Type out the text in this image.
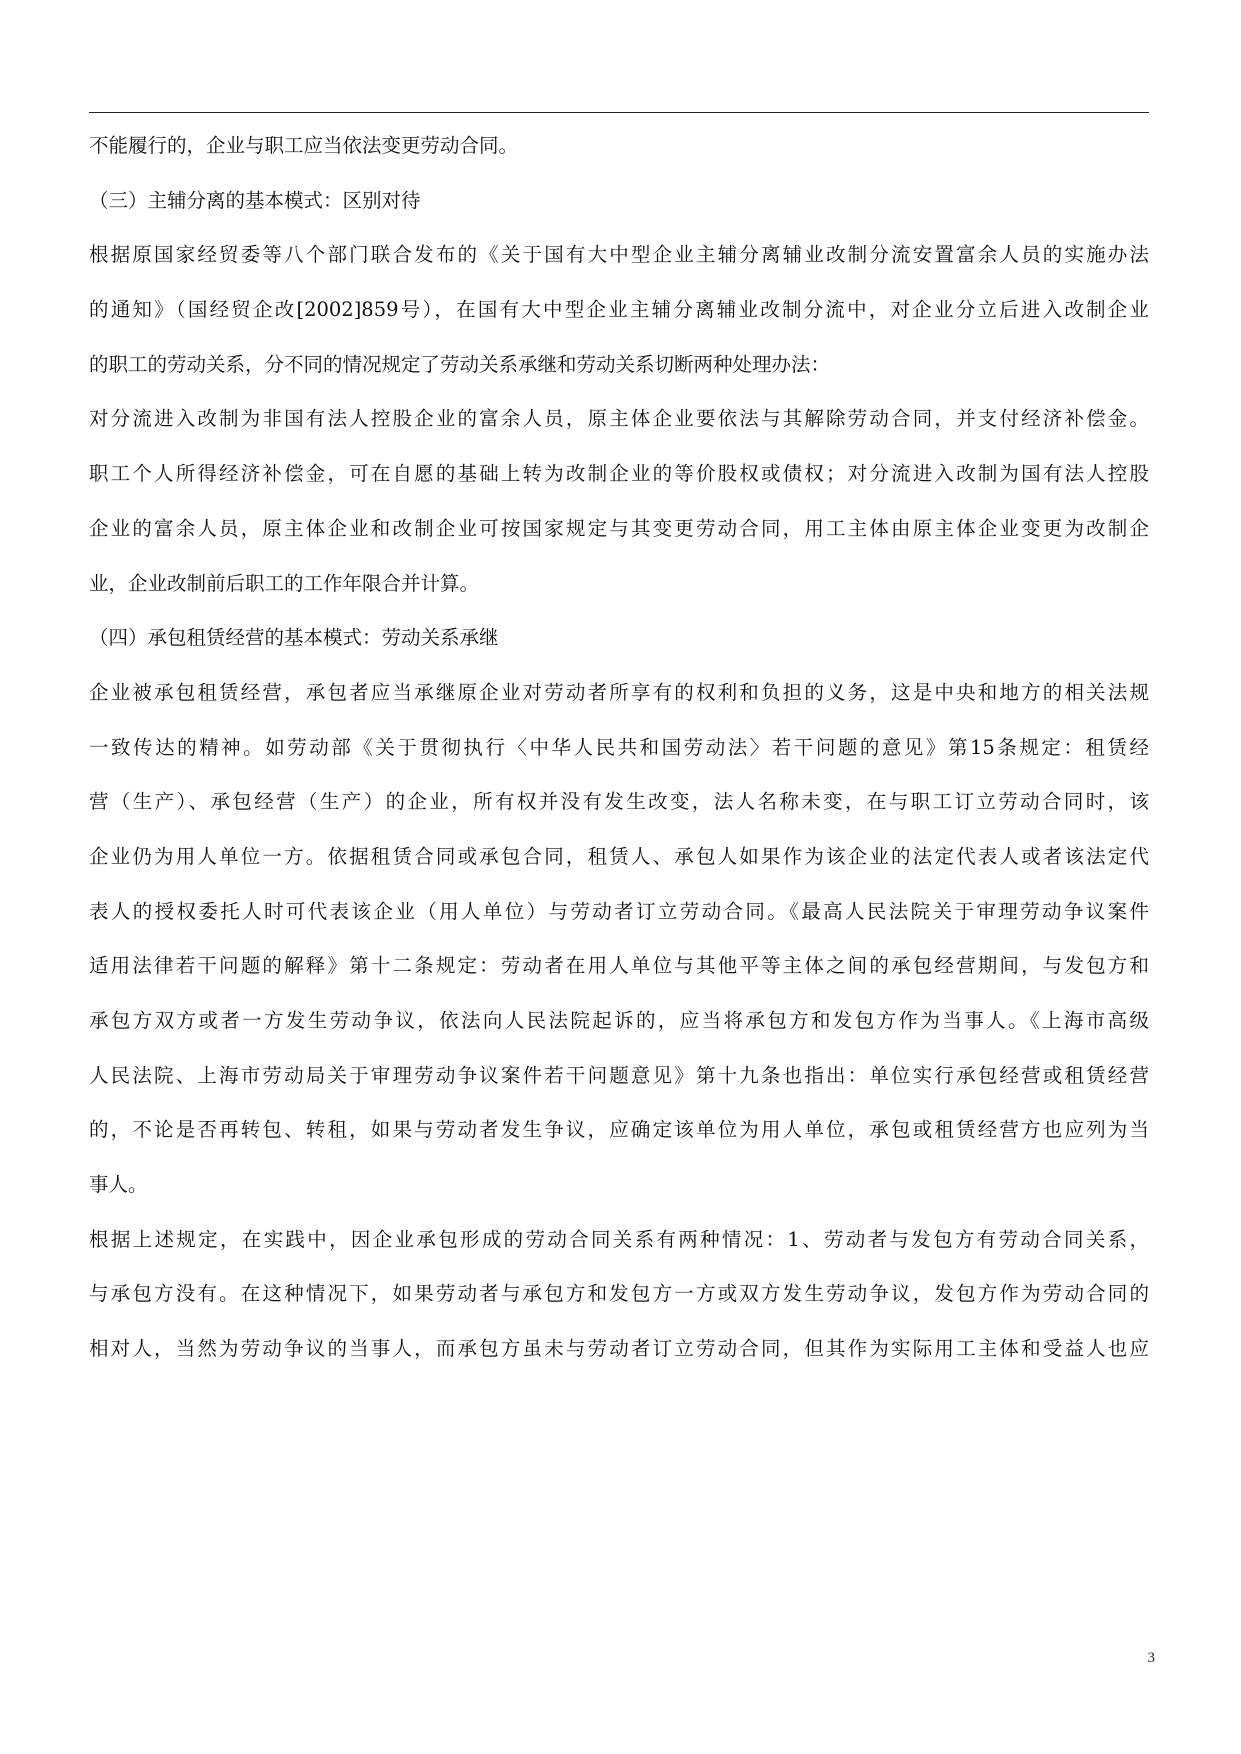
不能履行的，企业与职工应当依法变更劳动合同。
（三）主辅分离的基本模式：区别对待
根据原国家经贸委等八个部门联合发布的《关于国有大中型企业主辅分离辅业改制分流安置富余人员的实施办法
的通知》（国经贸企改[2002]859号），在国有大中型企业主辅分离辅业改制分流中，对企业分立后进入改制企业
的职工的劳动关系，分不同的情况规定了劳动关系承继和劳动关系切断两种处理办法：
对分流进入改制为非国有法人控股企业的富余人员，原主体企业要依法与其解除劳动合同，并支付经济补偿金。
职工个人所得经济补偿金，可在自愿的基础上转为改制企业的等价股权或债权；对分流进入改制为国有法人控股
企业的富余人员，原主体企业和改制企业可按国家规定与其变更劳动合同，用工主体由原主体企业变更为改制企
业，企业改制前后职工的工作年限合并计算。
（四）承包租赁经营的基本模式：劳动关系承继
企业被承包租赁经营，承包者应当承继原企业对劳动者所享有的权利和负担的义务，这是中央和地方的相关法规
一致传达的精神。如劳动部《关于贯彻执行〈中华人民共和国劳动法〉若干问题的意见》第15条规定：租赁经
营（生产）、承包经营（生产）的企业，所有权并没有发生改变，法人名称未变，在与职工订立劳动合同时，该
企业仍为用人单位一方。依据租赁合同或承包合同，租赁人、承包人如果作为该企业的法定代表人或者该法定代
表人的授权委托人时可代表该企业（用人单位）与劳动者订立劳动合同。《最高人民法院关于审理劳动争议案件
适用法律若干问题的解释》第十二条规定：劳动者在用人单位与其他平等主体之间的承包经营期间，与发包方和
承包方双方或者一方发生劳动争议，依法向人民法院起诉的，应当将承包方和发包方作为当事人。《上海市高级
人民法院、上海市劳动局关于审理劳动争议案件若干问题意见》第十九条也指出：单位实行承包经营或租赁经营
的，不论是否再转包、转租，如果与劳动者发生争议，应确定该单位为用人单位，承包或租赁经营方也应列为当
事人。
根据上述规定，在实践中，因企业承包形成的劳动合同关系有两种情况：1、劳动者与发包方有劳动合同关系，
与承包方没有。在这种情况下，如果劳动者与承包方和发包方一方或双方发生劳动争议，发包方作为劳动合同的
相对人，当然为劳动争议的当事人，而承包方虽未与劳动者订立劳动合同，但其作为实际用工主体和受益人也应
3
